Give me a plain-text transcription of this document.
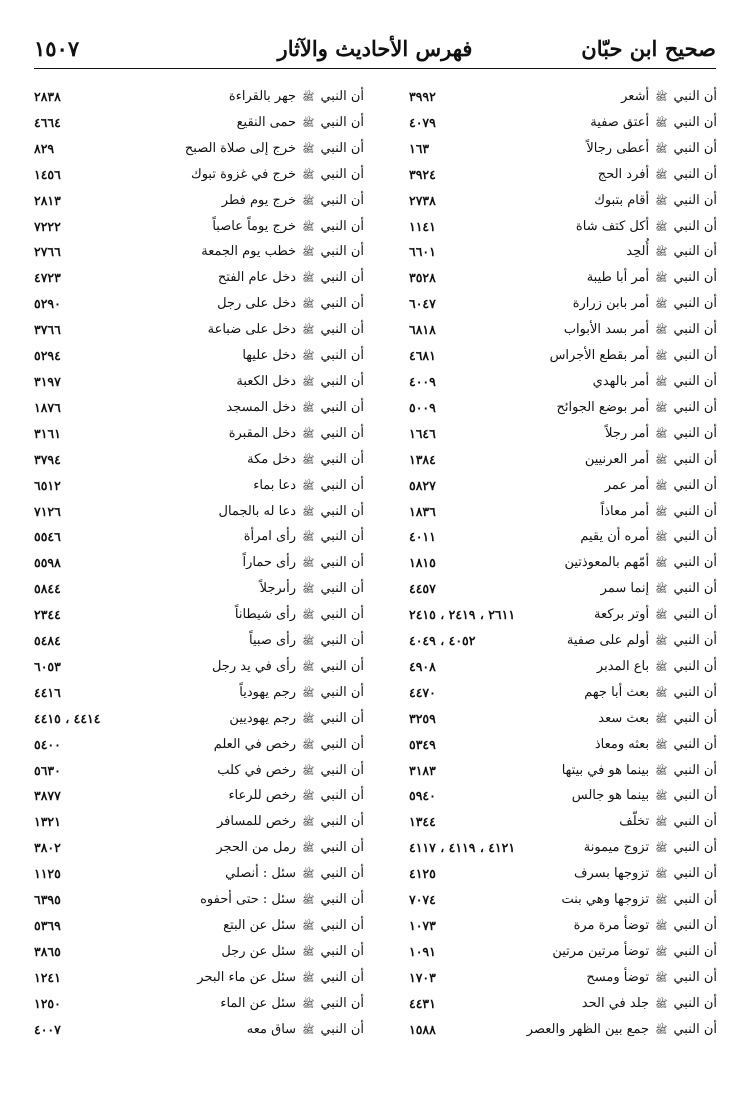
صحيح ابن حبّان
فهرس الأحاديث والآثار
١٥٠٧
أن النبي ﷺ أشعر
٣٩٩٢
أن النبي ﷺ أعتق صفية
٤٠٧٩
أن النبي ﷺ أعطى رجالاً
١٦٣
أن النبي ﷺ أفرد الحج
٣٩٢٤
أن النبي ﷺ أقام بتبوك
٢٧٣٨
أن النبي ﷺ أكل كتف شاة
١١٤١
أن النبي ﷺ أُلحِد
٦٦٠١
أن النبي ﷺ أمر أبا طيبة
٣٥٢٨
أن النبي ﷺ أمر بابن زرارة
٦٠٤٧
أن النبي ﷺ أمر بسد الأبواب
٦٨١٨
أن النبي ﷺ أمر بقطع الأجراس
٤٦٨١
أن النبي ﷺ أمر بالهدي
٤٠٠٩
أن النبي ﷺ أمر بوضع الجوائح
٥٠٠٩
أن النبي ﷺ أمر رجلاً
١٦٤٦
أن النبي ﷺ أمر العرنيين
١٣٨٤
أن النبي ﷺ أمر عمر
٥٨٢٧
أن النبي ﷺ أمر معاذاً
١٨٣٦
أن النبي ﷺ أمره أن يقيم
٤٠١١
أن النبي ﷺ أمّهم بالمعوذتين
١٨١٥
أن النبي ﷺ إنما سمر
٤٤٥٧
أن النبي ﷺ أوتر بركعة
٢٦١١ ، ٢٤١٩ ، ٢٤١٥
أن النبي ﷺ أولم على صفية
٤٠٥٢ ، ٤٠٤٩
أن النبي ﷺ باع المدبر
٤٩٠٨
أن النبي ﷺ بعث أبا جهم
٤٤٧٠
أن النبي ﷺ بعث سعد
٣٢٥٩
أن النبي ﷺ بعثه ومعاذ
٥٣٤٩
أن النبي ﷺ بينما هو في بيتها
٣١٨٣
أن النبي ﷺ بينما هو جالس
٥٩٤٠
أن النبي ﷺ تخلّف
١٣٤٤
أن النبي ﷺ تزوج ميمونة
٤١٢١ ، ٤١١٩ ، ٤١١٧
أن النبي ﷺ تزوجها بسرف
٤١٢٥
أن النبي ﷺ تزوجها وهي بنت
٧٠٧٤
أن النبي ﷺ توضأ مرة مرة
١٠٧٣
أن النبي ﷺ توضأ مرتين مرتين
١٠٩١
أن النبي ﷺ توضأ ومسح
١٧٠٣
أن النبي ﷺ جلد في الحد
٤٤٣١
أن النبي ﷺ جمع بين الظهر والعصر
١٥٨٨
أن النبي ﷺ جهر بالقراءة
٢٨٣٨
أن النبي ﷺ حمى النقيع
٤٦٦٤
أن النبي ﷺ خرج إلى صلاة الصبح
٨٢٩
أن النبي ﷺ خرج في غزوة تبوك
١٤٥٦
أن النبي ﷺ خرج يوم فطر
٢٨١٣
أن النبي ﷺ خرج يوماً عاصباً
٧٢٢٢
أن النبي ﷺ خطب يوم الجمعة
٢٧٦٦
أن النبي ﷺ دخل عام الفتح
٤٧٢٣
أن النبي ﷺ دخل على رجل
٥٢٩٠
أن النبي ﷺ دخل على ضباعة
٣٧٦٦
أن النبي ﷺ دخل عليها
٥٢٩٤
أن النبي ﷺ دخل الكعبة
٣١٩٧
أن النبي ﷺ دخل المسجد
١٨٧٦
أن النبي ﷺ دخل المقبرة
٣١٦١
أن النبي ﷺ دخل مكة
٣٧٩٤
أن النبي ﷺ دعا بماء
٦٥١٢
أن النبي ﷺ دعا له بالجمال
٧١٢٦
أن النبي ﷺ رأى امرأة
٥٥٤٦
أن النبي ﷺ رأى حماراً
٥٥٩٨
أن النبي ﷺ رأىرجلاً
٥٨٤٤
أن النبي ﷺ رأى شيطاناً
٢٣٤٤
أن النبي ﷺ رأى صبياً
٥٤٨٤
أن النبي ﷺ رأى في يد رجل
٦٠٥٣
أن النبي ﷺ رجم يهودياً
٤٤١٦
أن النبي ﷺ رجم يهوديين
٤٤١٤ ، ٤٤١٥
أن النبي ﷺ رخص في العلم
٥٤٠٠
أن النبي ﷺ رخص في كلب
٥٦٣٠
أن النبي ﷺ رخص للرعاء
٣٨٧٧
أن النبي ﷺ رخص للمسافر
١٣٢١
أن النبي ﷺ رمل من الحجر
٣٨٠٢
أن النبي ﷺ سئل : أنصلي
١١٢٥
أن النبي ﷺ سئل : حتى أحفوه
٦٣٩٥
أن النبي ﷺ سئل عن البتع
٥٣٦٩
أن النبي ﷺ سئل عن رجل
٣٨٦٥
أن النبي ﷺ سئل عن ماء البحر
١٢٤١
أن النبي ﷺ سئل عن الماء
١٢٥٠
أن النبي ﷺ ساق معه
٤٠٠٧
